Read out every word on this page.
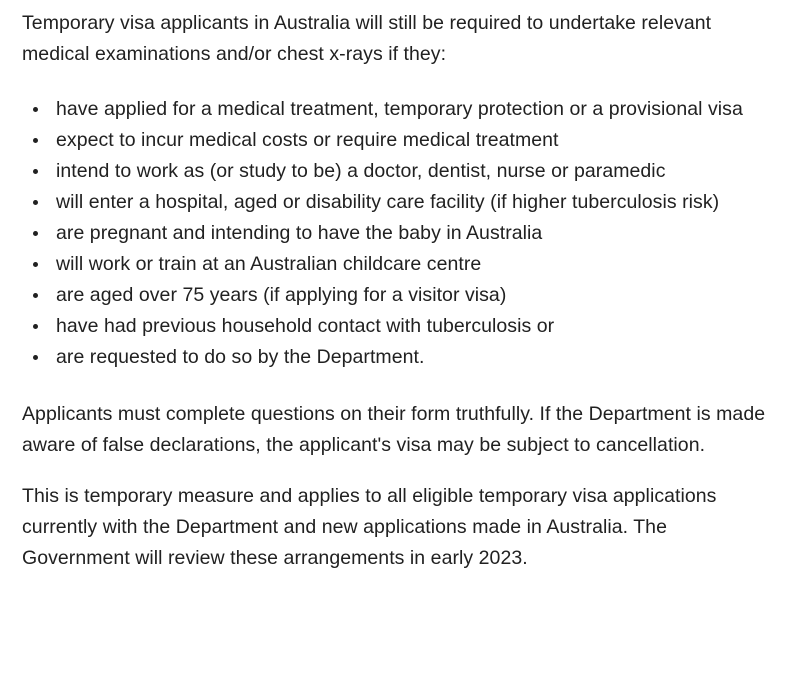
Temporary visa applicants in Australia will still be required to undertake relevant medical examinations and/or chest x-rays if they:

have applied for a medical treatment, temporary protection or a provisional visa
expect to incur medical costs or require medical treatment
intend to work as (or study to be) a doctor, dentist, nurse or paramedic
will enter a hospital, aged or disability care facility (if higher tuberculosis risk)
are pregnant and intending to have the baby in Australia
will work or train at an Australian childcare centre
are aged over 75 years (if applying for a visitor visa)
have had previous household contact with tuberculosis or
are requested to do so by the Department.

Applicants must complete questions on their form truthfully. If the Department is made aware of false declarations, the applicant's visa may be subject to cancellation.

This is temporary measure and applies to all eligible temporary visa applications currently with the Department and new applications made in Australia. The Government will review these arrangements in early 2023.
